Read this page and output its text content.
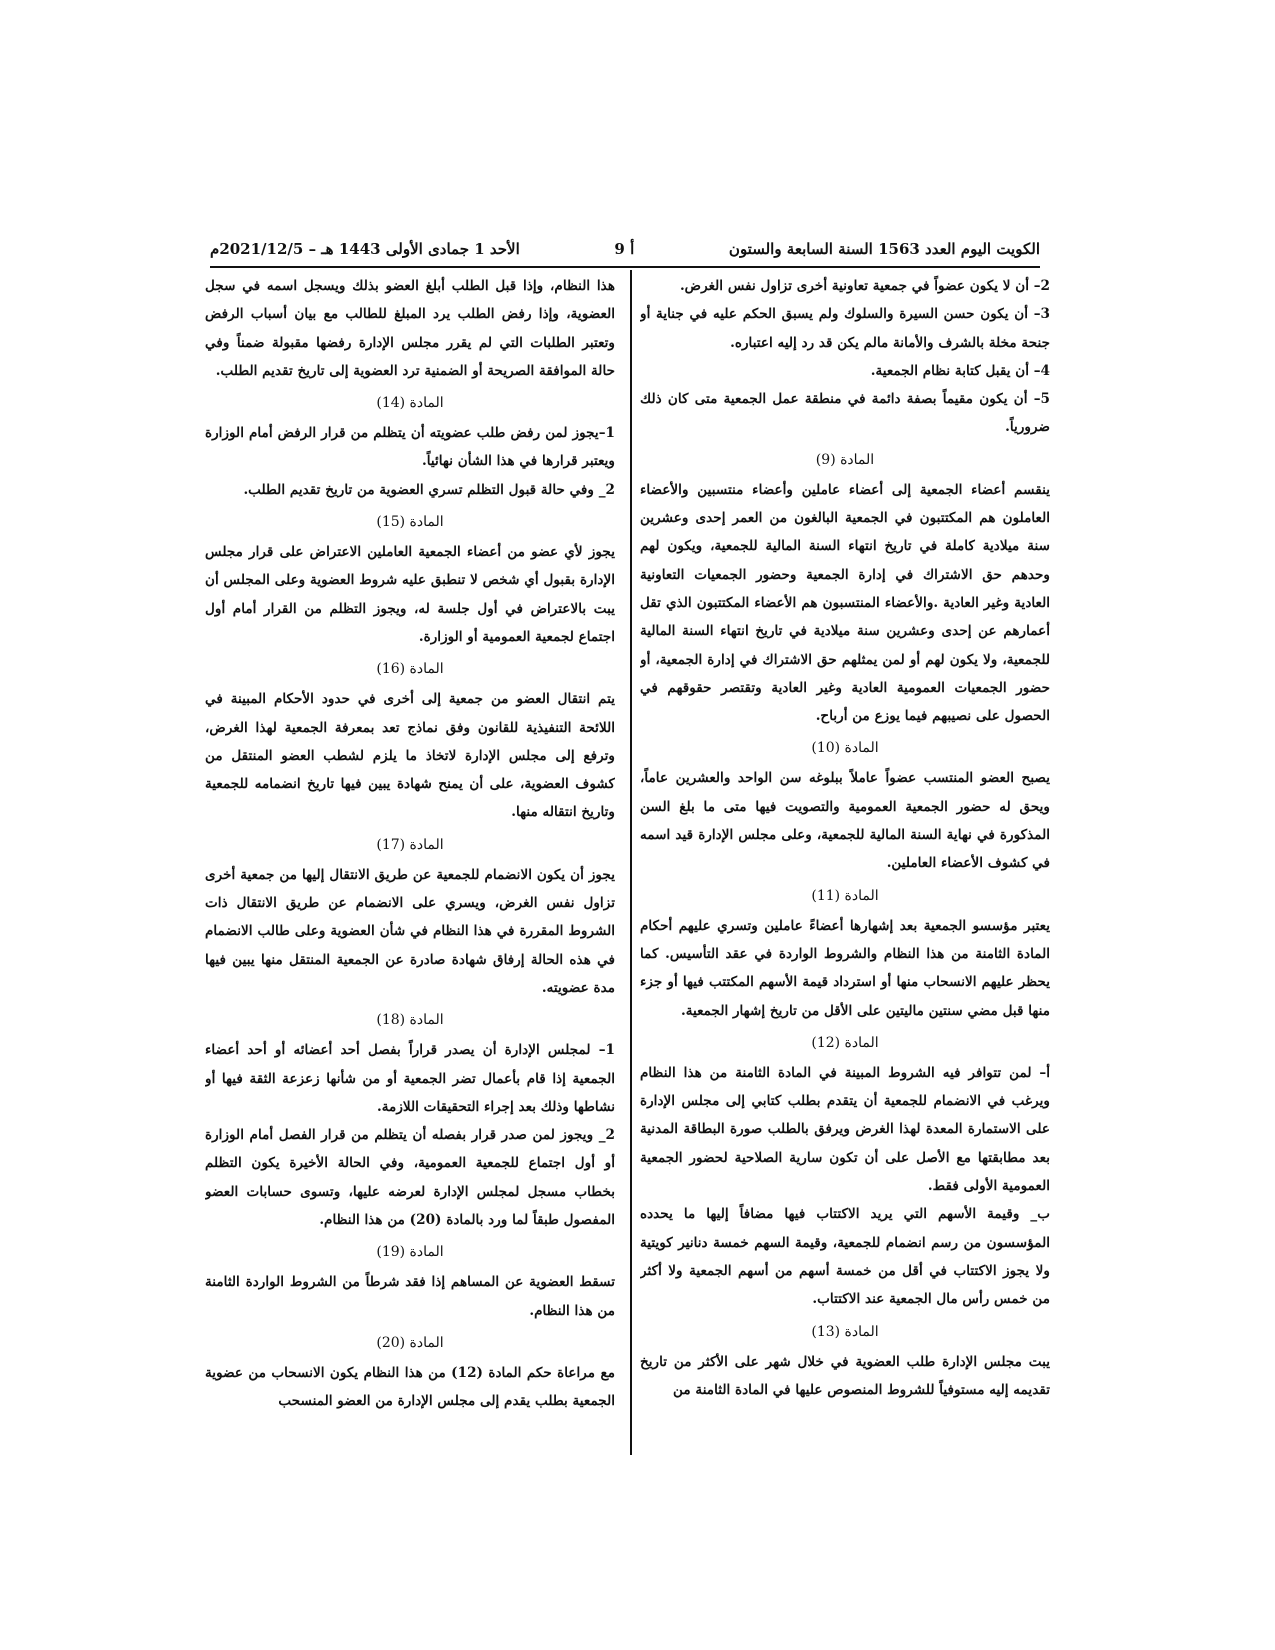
الكويت اليوم العدد 1563 السنة السابعة والستون
أ 9
الأحد 1 جمادى الأولى 1443 هـ – 2021/12/5م

2– أن لا يكون عضواً في جمعية تعاونية أخرى تزاول نفس الغرض.

3– أن يكون حسن السيرة والسلوك ولم يسبق الحكم عليه في جناية أو جنحة مخلة بالشرف والأمانة مالم يكن قد رد إليه اعتباره.

4– أن يقبل كتابة نظام الجمعية.

5– أن يكون مقيماً بصفة دائمة في منطقة عمل الجمعية متى كان ذلك ضرورياً.

المادة (9)

ينقسم أعضاء الجمعية إلى أعضاء عاملين وأعضاء منتسبين والأعضاء العاملون هم المكتتبون في الجمعية البالغون من العمر إحدى وعشرين سنة ميلادية كاملة في تاريخ انتهاء السنة المالية للجمعية، ويكون لهم وحدهم حق الاشتراك في إدارة الجمعية وحضور الجمعيات التعاونية العادية وغير العادية .والأعضاء المنتسبون هم الأعضاء المكتتبون الذي تقل أعمارهم عن إحدى وعشرين سنة ميلادية في تاريخ انتهاء السنة المالية للجمعية، ولا يكون لهم أو لمن يمثلهم حق الاشتراك في إدارة الجمعية، أو حضور الجمعيات العمومية العادية وغير العادية وتقتصر حقوقهم في الحصول على نصيبهم فيما يوزع من أرباح.

المادة (10)

يصبح العضو المنتسب عضواً عاملاً ببلوغه سن الواحد والعشرين عاماً، ويحق له حضور الجمعية العمومية والتصويت فيها متى ما بلغ السن المذكورة في نهاية السنة المالية للجمعية، وعلى مجلس الإدارة قيد اسمه في كشوف الأعضاء العاملين.

المادة (11)

يعتبر مؤسسو الجمعية بعد إشهارها أعضاءً عاملين وتسري عليهم أحكام المادة الثامنة من هذا النظام والشروط الواردة في عقد التأسيس. كما يحظر عليهم الانسحاب منها أو استرداد قيمة الأسهم المكتتب فيها أو جزء منها قبل مضي سنتين ماليتين على الأقل من تاريخ إشهار الجمعية.

المادة (12)

أ– لمن تتوافر فيه الشروط المبينة في المادة الثامنة من هذا النظام ويرغب في الانضمام للجمعية أن يتقدم بطلب كتابي إلى مجلس الإدارة على الاستمارة المعدة لهذا الغرض ويرفق بالطلب صورة البطاقة المدنية بعد مطابقتها مع الأصل على أن تكون سارية الصلاحية لحضور الجمعية العمومية الأولى فقط.

ب_ وقيمة الأسهم التي يريد الاكتتاب فيها مضافاً إليها ما يحدده المؤسسون من رسم انضمام للجمعية، وقيمة السهم خمسة دنانير كويتية ولا يجوز الاكتتاب في أقل من خمسة أسهم من أسهم الجمعية ولا أكثر من خمس رأس مال الجمعية عند الاكتتاب.

المادة (13)

يبت مجلس الإدارة طلب العضوية في خلال شهر على الأكثر من تاريخ تقديمه إليه مستوفياً للشروط المنصوص عليها في المادة الثامنة من

هذا النظام، وإذا قبل الطلب أبلغ العضو بذلك ويسجل اسمه في سجل العضوية، وإذا رفض الطلب يرد المبلغ للطالب مع بيان أسباب الرفض وتعتبر الطلبات التي لم يقرر مجلس الإدارة رفضها مقبولة ضمناً وفي حالة الموافقة الصريحة أو الضمنية ترد العضوية إلى تاريخ تقديم الطلب.

المادة (14)

1–يجوز لمن رفض طلب عضويته أن يتظلم من قرار الرفض أمام الوزارة ويعتبر قرارها في هذا الشأن نهائياً.

2_ وفي حالة قبول التظلم تسري العضوية من تاريخ تقديم الطلب.

المادة (15)

يجوز لأي عضو من أعضاء الجمعية العاملين الاعتراض على قرار مجلس الإدارة بقبول أي شخص لا تنطبق عليه شروط العضوية وعلى المجلس أن يبت بالاعتراض في أول جلسة له، ويجوز التظلم من القرار أمام أول اجتماع لجمعية العمومية أو الوزارة.

المادة (16)

يتم انتقال العضو من جمعية إلى أخرى في حدود الأحكام المبينة في اللائحة التنفيذية للقانون وفق نماذج تعد بمعرفة الجمعية لهذا الغرض، وترفع إلى مجلس الإدارة لاتخاذ ما يلزم لشطب العضو المنتقل من كشوف العضوية، على أن يمنح شهادة يبين فيها تاريخ انضمامه للجمعية وتاريخ انتقاله منها.

المادة (17)

يجوز أن يكون الانضمام للجمعية عن طريق الانتقال إليها من جمعية أخرى تزاول نفس الغرض، ويسري على الانضمام عن طريق الانتقال ذات الشروط المقررة في هذا النظام في شأن العضوية وعلى طالب الانضمام في هذه الحالة إرفاق شهادة صادرة عن الجمعية المنتقل منها يبين فيها مدة عضويته.

المادة (18)

1– لمجلس الإدارة أن يصدر قراراً بفصل أحد أعضائه أو أحد أعضاء الجمعية إذا قام بأعمال تضر الجمعية أو من شأنها زعزعة الثقة فيها أو نشاطها وذلك بعد إجراء التحقيقات اللازمة.

2_ ويجوز لمن صدر قرار بفصله أن يتظلم من قرار الفصل أمام الوزارة أو أول اجتماع للجمعية العمومية، وفي الحالة الأخيرة يكون التظلم بخطاب مسجل لمجلس الإدارة لعرضه عليها، وتسوى حسابات العضو المفصول طبقاً لما ورد بالمادة (20) من هذا النظام.

المادة (19)

تسقط العضوية عن المساهم إذا فقد شرطاً من الشروط الواردة الثامنة من هذا النظام.

المادة (20)

مع مراعاة حكم المادة (12) من هذا النظام يكون الانسحاب من عضوية الجمعية بطلب يقدم إلى مجلس الإدارة من العضو المنسحب
